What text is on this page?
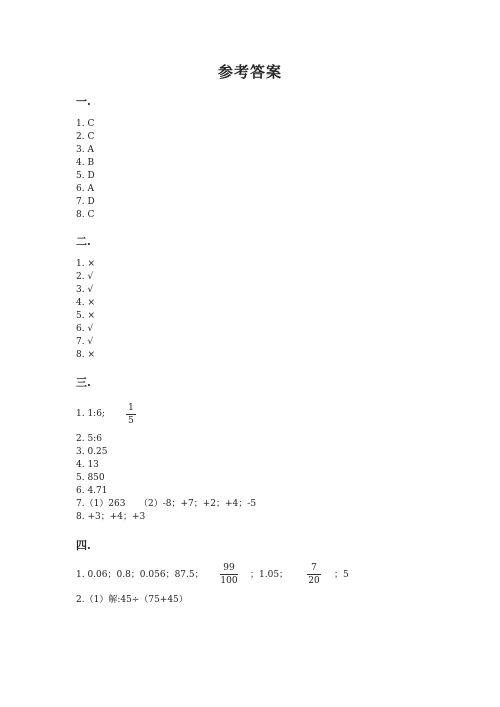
参考答案
一.
1. C
2. C
3. A
4. B
5. D
6. A
7. D
8. C
二.
1. ×
2. √
3. √
4. ×
5. ×
6. √
7. √
8. ×
三.
1. 1:6;
1
5
2. 5:6
3. 0.25
4. 13
5. 850
6. 4.71
7.（1）263　　（2）-8；+7；+2；+4；-5
8. +3；+4；+3
四.
1. 0.06；0.8；0.056；87.5；
99
100
；1.05；
7
20
；5
2.（1）解:45÷（75+45）
